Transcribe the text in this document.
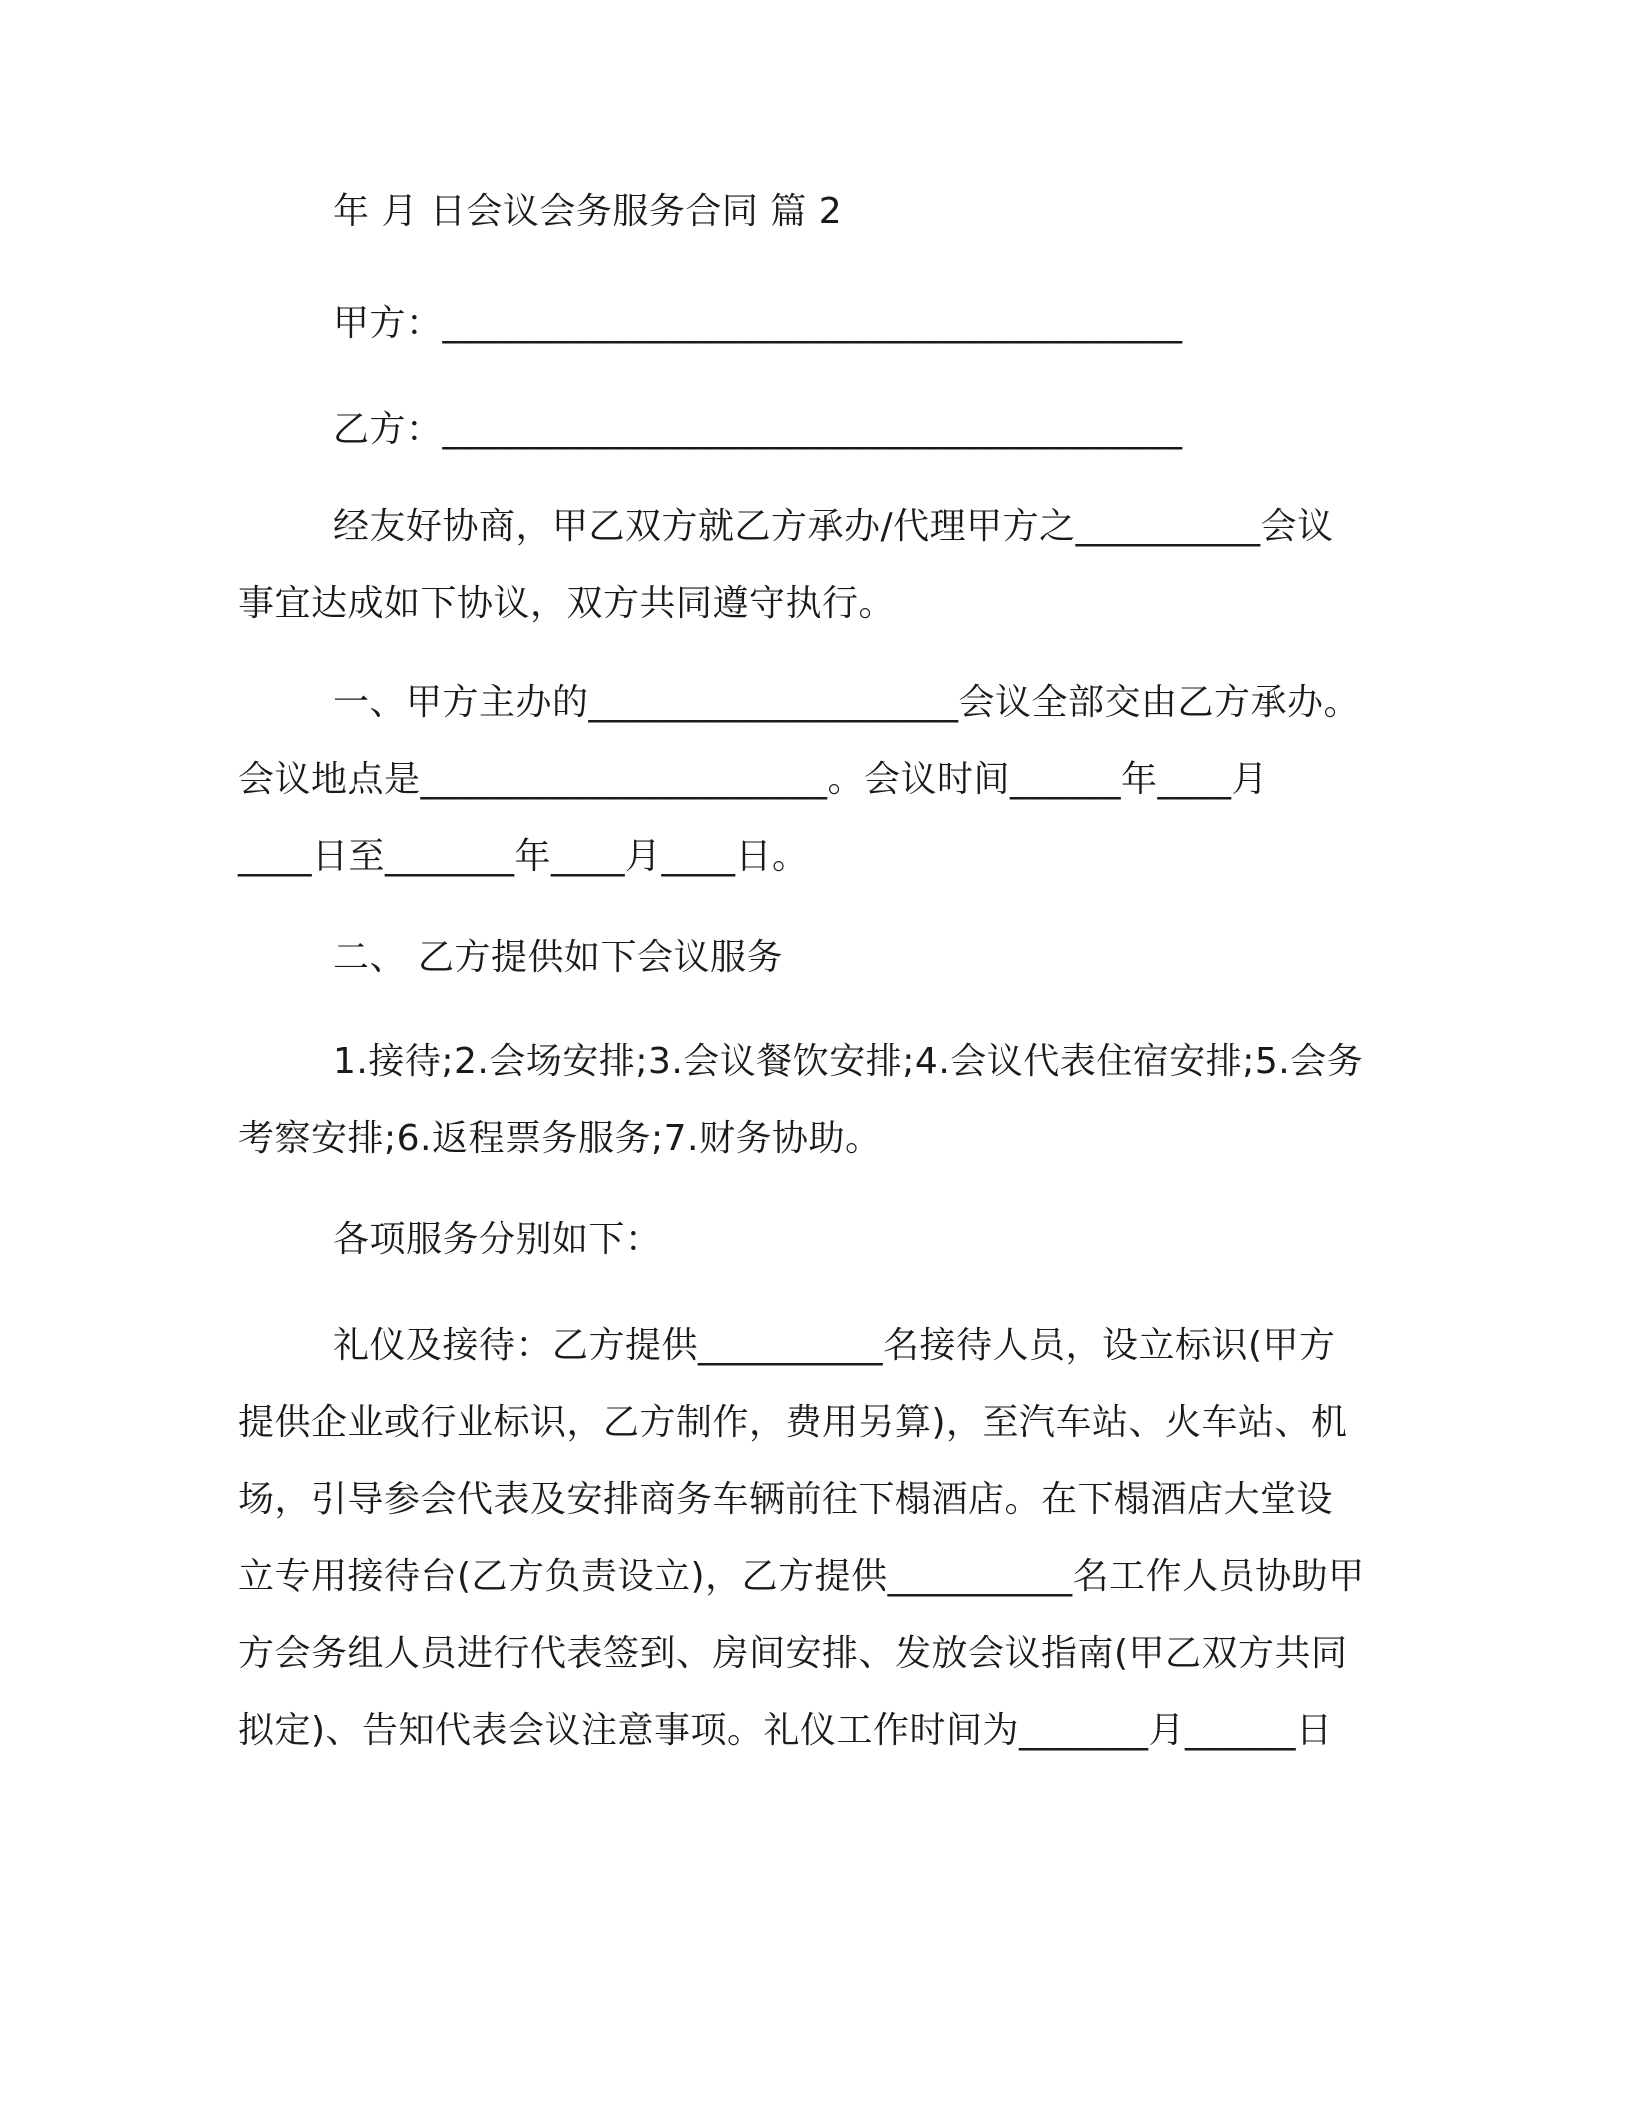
年 月 日会议会务服务合同 篇 2
甲方：________________________________________
乙方：________________________________________
经友好协商，甲乙双方就乙方承办/代理甲方之__________会议
事宜达成如下协议，双方共同遵守执行。
一、甲方主办的____________________会议全部交由乙方承办。
会议地点是______________________。会议时间______年____月
____日至_______年____月____日。
二、 乙方提供如下会议服务
1.接待;2.会场安排;3.会议餐饮安排;4.会议代表住宿安排;5.会务
考察安排;6.返程票务服务;7.财务协助。
各项服务分别如下：
礼仪及接待：乙方提供__________名接待人员，设立标识(甲方
提供企业或行业标识，乙方制作，费用另算)，至汽车站、火车站、机
场，引导参会代表及安排商务车辆前往下榻酒店。在下榻酒店大堂设
立专用接待台(乙方负责设立)，乙方提供__________名工作人员协助甲
方会务组人员进行代表签到、房间安排、发放会议指南(甲乙双方共同
拟定)、告知代表会议注意事项。礼仪工作时间为_______月______日
